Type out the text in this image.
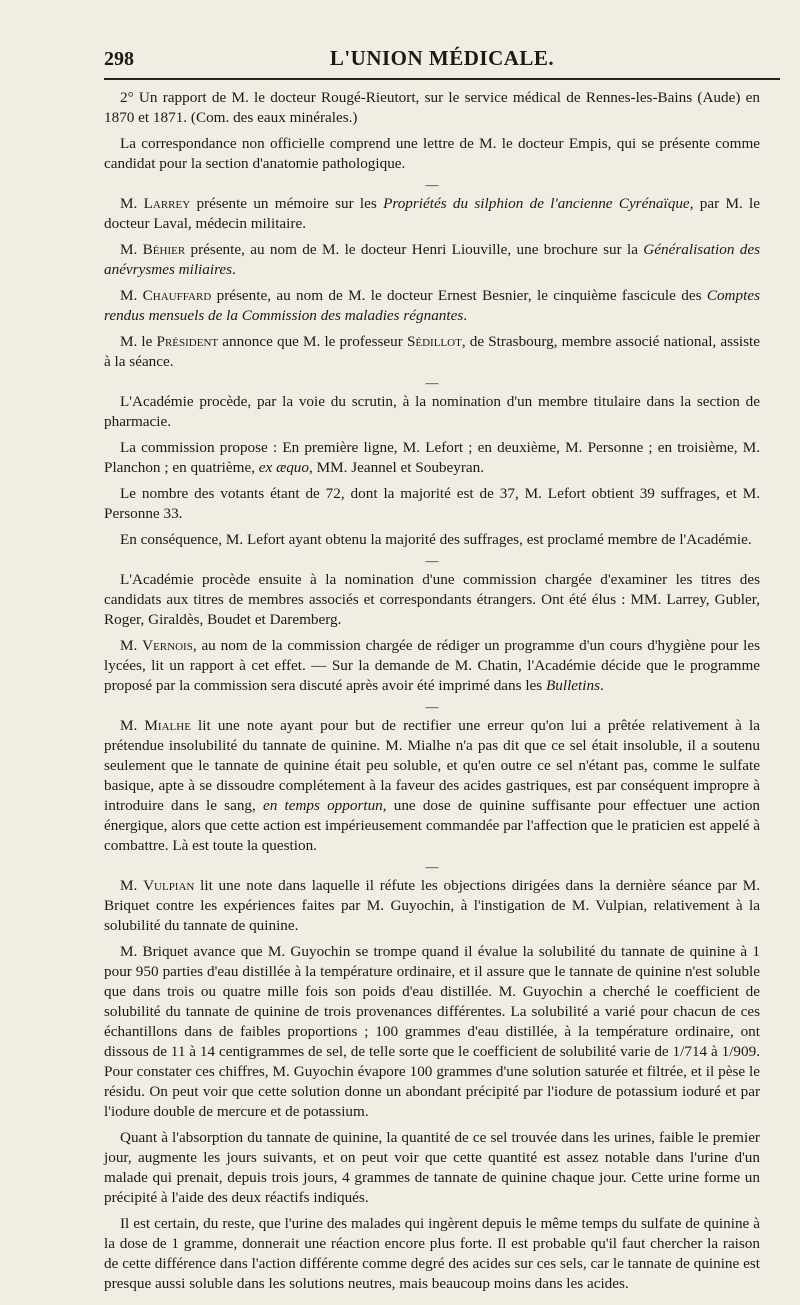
298	L'UNION MÉDICALE.

2° Un rapport de M. le docteur Rougé-Rieutort, sur le service médical de Rennes-les-Bains (Aude) en 1870 et 1871. (Com. des eaux minérales.)

La correspondance non officielle comprend une lettre de M. le docteur Empis, qui se présente comme candidat pour la section d'anatomie pathologique.

—

M. Larrey présente un mémoire sur les Propriétés du silphion de l'ancienne Cyrénaïque, par M. le docteur Laval, médecin militaire.

M. Béhier présente, au nom de M. le docteur Henri Liouville, une brochure sur la Généralisation des anévrysmes miliaires.

M. Chauffard présente, au nom de M. le docteur Ernest Besnier, le cinquième fascicule des Comptes rendus mensuels de la Commission des maladies régnantes.

M. le Président annonce que M. le professeur Sédillot, de Strasbourg, membre associé national, assiste à la séance.

—

L'Académie procède, par la voie du scrutin, à la nomination d'un membre titulaire dans la section de pharmacie.

La commission propose : En première ligne, M. Lefort ; en deuxième, M. Personne ; en troisième, M. Planchon ; en quatrième, ex æquo, MM. Jeannel et Soubeyran.

Le nombre des votants étant de 72, dont la majorité est de 37, M. Lefort obtient 39 suffrages, et M. Personne 33.

En conséquence, M. Lefort ayant obtenu la majorité des suffrages, est proclamé membre de l'Académie.

—

L'Académie procède ensuite à la nomination d'une commission chargée d'examiner les titres des candidats aux titres de membres associés et correspondants étrangers. Ont été élus : MM. Larrey, Gubler, Roger, Giraldès, Boudet et Daremberg.

M. Vernois, au nom de la commission chargée de rédiger un programme d'un cours d'hygiène pour les lycées, lit un rapport à cet effet. — Sur la demande de M. Chatin, l'Académie décide que le programme proposé par la commission sera discuté après avoir été imprimé dans les Bulletins.

—

M. Mialhe lit une note ayant pour but de rectifier une erreur qu'on lui a prêtée relativement à la prétendue insolubilité du tannate de quinine. M. Mialhe n'a pas dit que ce sel était insoluble, il a soutenu seulement que le tannate de quinine était peu soluble, et qu'en outre ce sel n'étant pas, comme le sulfate basique, apte à se dissoudre complétement à la faveur des acides gastriques, est par conséquent impropre à introduire dans le sang, en temps opportun, une dose de quinine suffisante pour effectuer une action énergique, alors que cette action est impérieusement commandée par l'affection que le praticien est appelé à combattre. Là est toute la question.

—

M. Vulpian lit une note dans laquelle il réfute les objections dirigées dans la dernière séance par M. Briquet contre les expériences faites par M. Guyochin, à l'instigation de M. Vulpian, relativement à la solubilité du tannate de quinine.

M. Briquet avance que M. Guyochin se trompe quand il évalue la solubilité du tannate de quinine à 1 pour 950 parties d'eau distillée à la température ordinaire, et il assure que le tannate de quinine n'est soluble que dans trois ou quatre mille fois son poids d'eau distillée. M. Guyochin a cherché le coefficient de solubilité du tannate de quinine de trois provenances différentes. La solubilité a varié pour chacun de ces échantillons dans de faibles proportions ; 100 grammes d'eau distillée, à la température ordinaire, ont dissous de 11 à 14 centigrammes de sel, de telle sorte que le coefficient de solubilité varie de 1/714 à 1/909. Pour constater ces chiffres, M. Guyochin évapore 100 grammes d'une solution saturée et filtrée, et il pèse le résidu. On peut voir que cette solution donne un abondant précipité par l'iodure de potassium ioduré et par l'iodure double de mercure et de potassium.

Quant à l'absorption du tannate de quinine, la quantité de ce sel trouvée dans les urines, faible le premier jour, augmente les jours suivants, et on peut voir que cette quantité est assez notable dans l'urine d'un malade qui prenait, depuis trois jours, 4 grammes de tannate de quinine chaque jour. Cette urine forme un précipité à l'aide des deux réactifs indiqués.

Il est certain, du reste, que l'urine des malades qui ingèrent depuis le même temps du sulfate de quinine à la dose de 1 gramme, donnerait une réaction encore plus forte. Il est probable qu'il faut chercher la raison de cette différence dans l'action différente comme degré des acides sur ces sels, car le tannate de quinine est presque aussi soluble dans les solutions neutres, mais beaucoup moins dans les acides.
